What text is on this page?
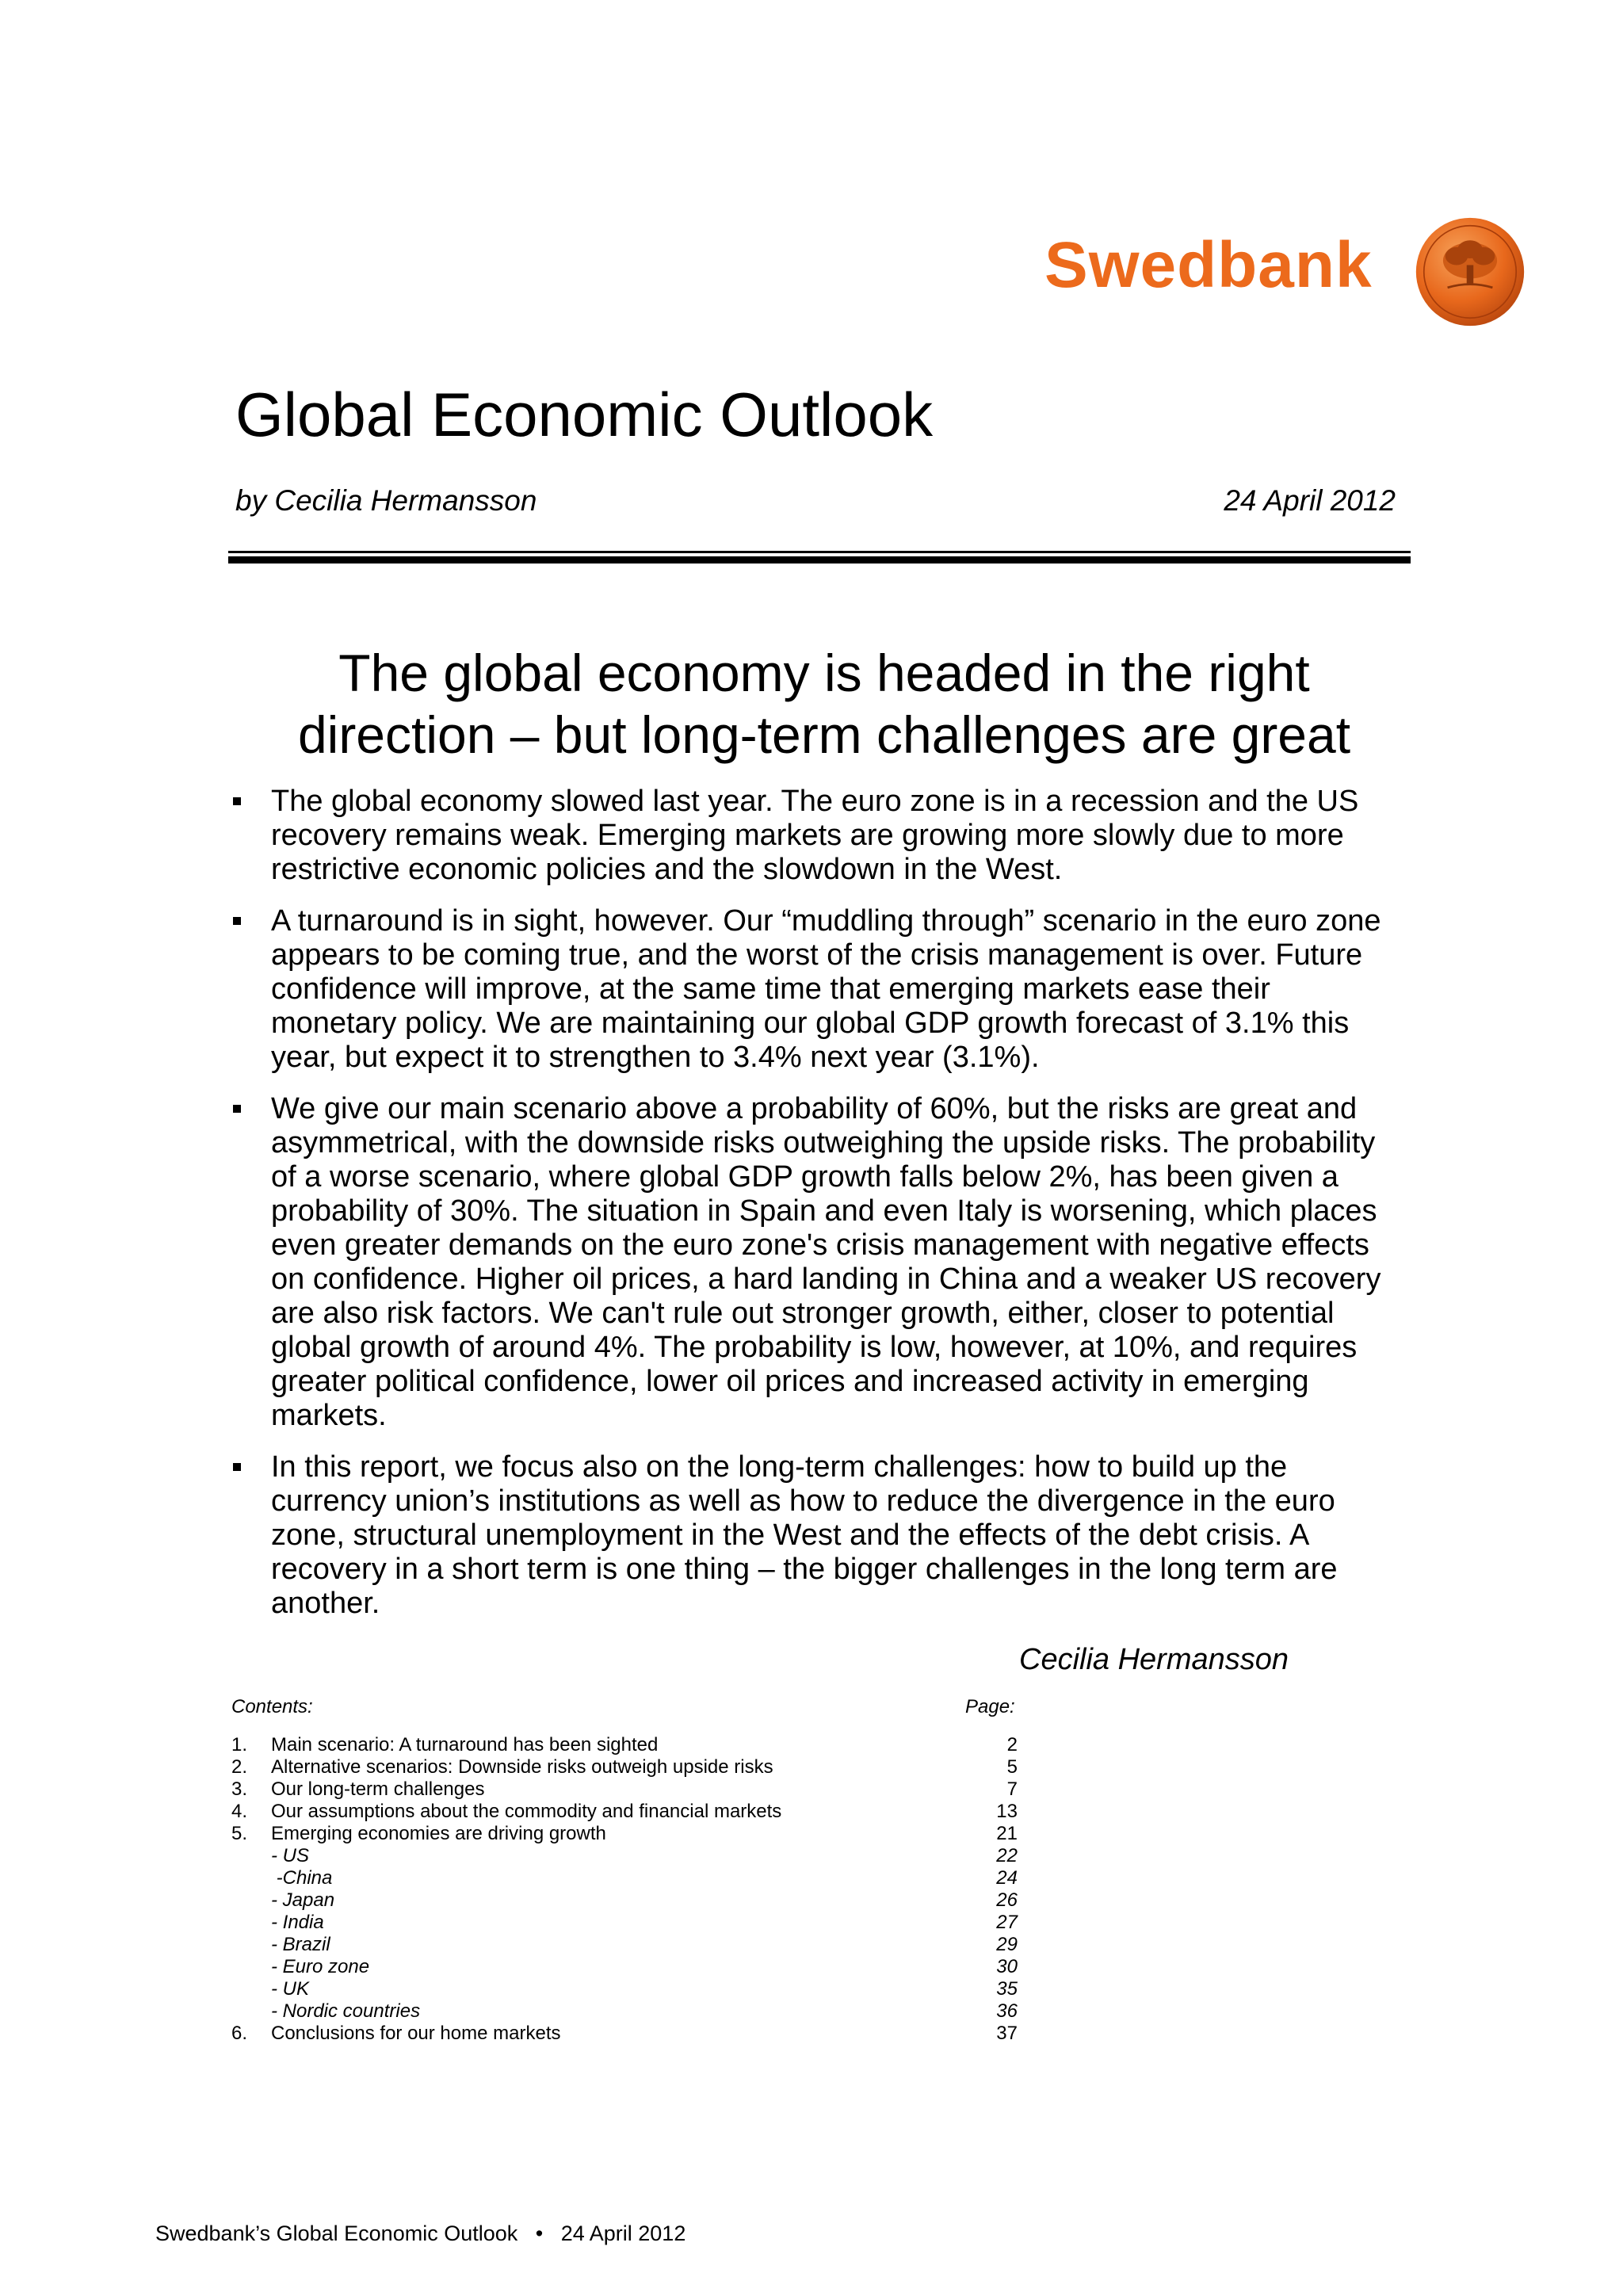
Swedbank
Global Economic Outlook
by Cecilia Hermansson	24 April 2012
The global economy is headed in the right
direction – but long-term challenges are great
The global economy slowed last year. The euro zone is in a recession and the US recovery remains weak. Emerging markets are growing more slowly due to more restrictive economic policies and the slowdown in the West.
A turnaround is in sight, however. Our “muddling through” scenario in the euro zone appears to be coming true, and the worst of the crisis management is over. Future confidence will improve, at the same time that emerging markets ease their monetary policy. We are maintaining our global GDP growth forecast of 3.1% this year, but expect it to strengthen to 3.4% next year (3.1%).
We give our main scenario above a probability of 60%, but the risks are great and asymmetrical, with the downside risks outweighing the upside risks. The probability of a worse scenario, where global GDP growth falls below 2%, has been given a probability of 30%. The situation in Spain and even Italy is worsening, which places even greater demands on the euro zone's crisis management with negative effects on confidence. Higher oil prices, a hard landing in China and a weaker US recovery are also risk factors. We can't rule out stronger growth, either, closer to potential global growth of around 4%. The probability is low, however, at 10%, and requires greater political confidence, lower oil prices and increased activity in emerging markets.
In this report, we focus also on the long-term challenges: how to build up the currency union’s institutions as well as how to reduce the divergence in the euro zone, structural unemployment in the West and the effects of the debt crisis. A recovery in a short term is one thing – the bigger challenges in the long term are another.
Cecilia Hermansson
Contents:	Page:
1. Main scenario: A turnaround has been sighted	2
2. Alternative scenarios: Downside risks outweigh upside risks	5
3. Our long-term challenges	7
4. Our assumptions about the commodity and financial markets	13
5. Emerging economies are driving growth	21
- US	22
-China	24
- Japan	26
- India	27
- Brazil	29
- Euro zone	30
- UK	35
- Nordic countries	36
6. Conclusions for our home markets	37
Swedbank’s Global Economic Outlook   •   24 April 2012
